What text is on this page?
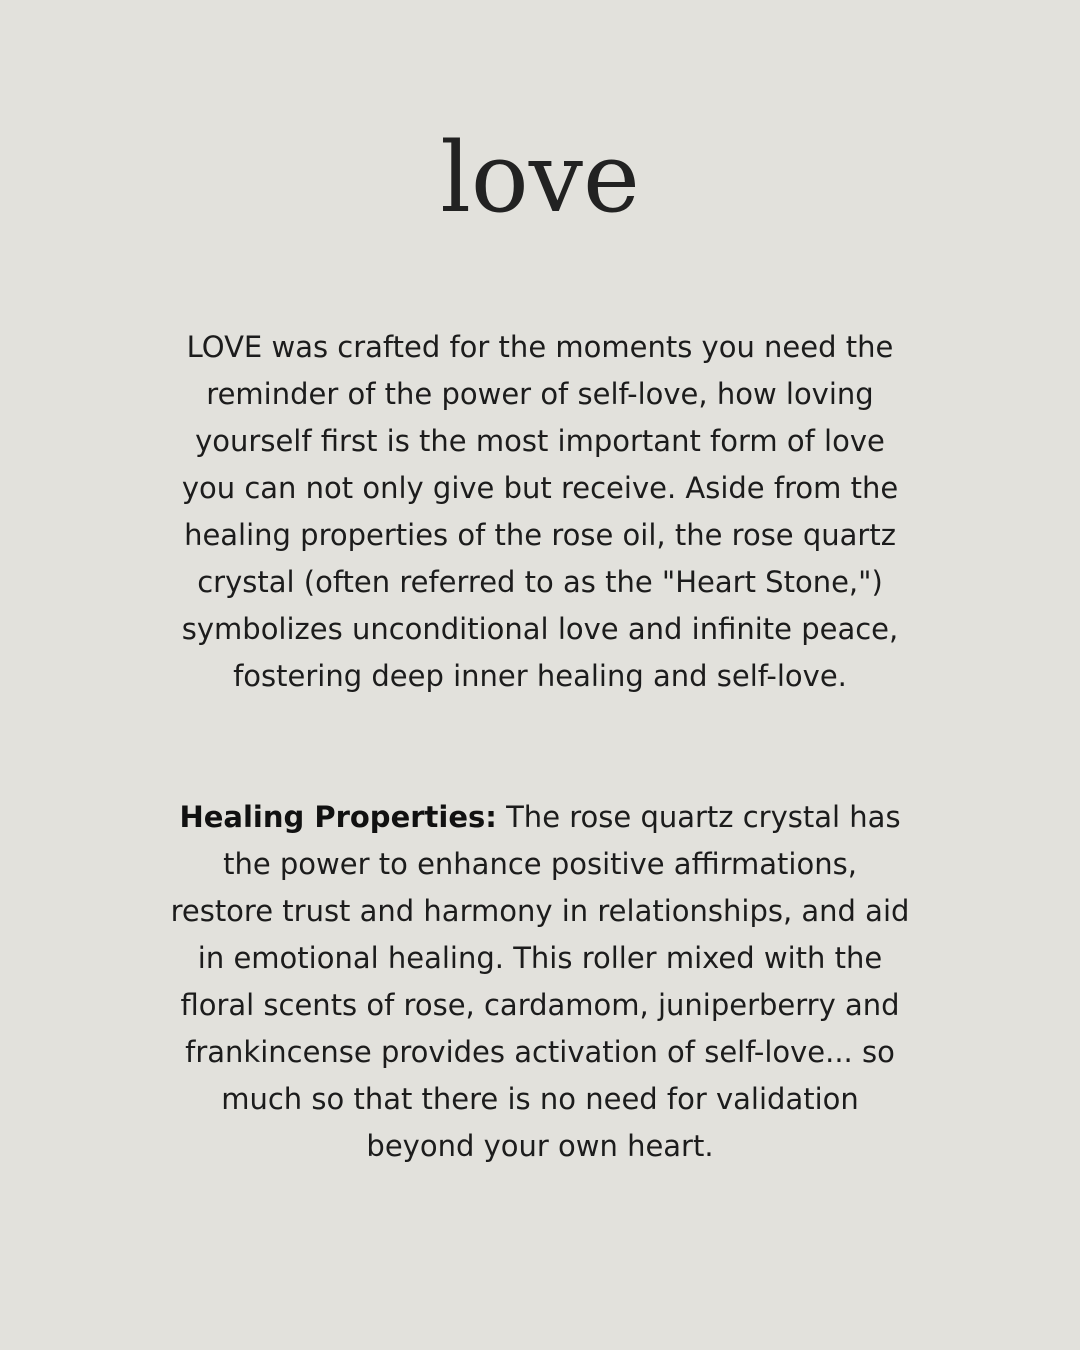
love

LOVE was crafted for the moments you need the reminder of the power of self-love, how loving yourself first is the most important form of love you can not only give but receive. Aside from the healing properties of the rose oil, the rose quartz crystal (often referred to as the "Heart Stone,") symbolizes unconditional love and infinite peace, fostering deep inner healing and self-love.

Healing Properties: The rose quartz crystal has the power to enhance positive affirmations, restore trust and harmony in relationships, and aid in emotional healing. This roller mixed with the floral scents of rose, cardamom, juniperberry and frankincense provides activation of self-love... so much so that there is no need for validation beyond your own heart.
